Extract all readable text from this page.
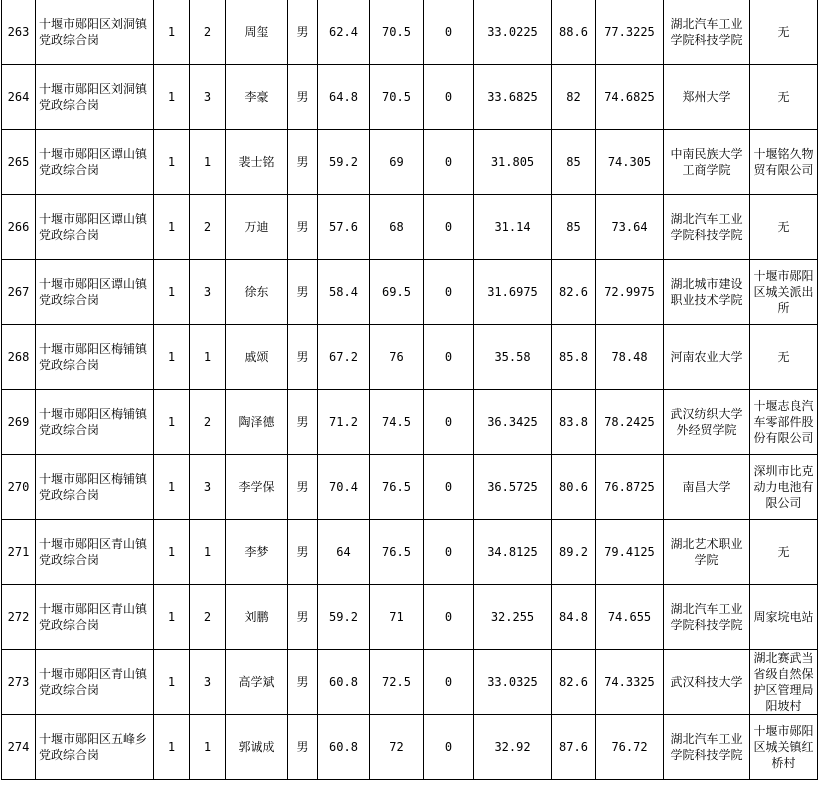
263	十堰市郧阳区刘洞镇党政综合岗	1	2	周玺	男	62.4	70.5	0	33.0225	88.6	77.3225	湖北汽车工业学院科技学院	无
264	十堰市郧阳区刘洞镇党政综合岗	1	3	李豪	男	64.8	70.5	0	33.6825	82	74.6825	郑州大学	无
265	十堰市郧阳区谭山镇党政综合岗	1	1	裴士铭	男	59.2	69	0	31.805	85	74.305	中南民族大学工商学院	十堰铭久物贸有限公司
266	十堰市郧阳区谭山镇党政综合岗	1	2	万迪	男	57.6	68	0	31.14	85	73.64	湖北汽车工业学院科技学院	无
267	十堰市郧阳区谭山镇党政综合岗	1	3	徐东	男	58.4	69.5	0	31.6975	82.6	72.9975	湖北城市建设职业技术学院	十堰市郧阳区城关派出所
268	十堰市郧阳区梅铺镇党政综合岗	1	1	戚颂	男	67.2	76	0	35.58	85.8	78.48	河南农业大学	无
269	十堰市郧阳区梅铺镇党政综合岗	1	2	陶泽德	男	71.2	74.5	0	36.3425	83.8	78.2425	武汉纺织大学外经贸学院	十堰志良汽车零部件股份有限公司
270	十堰市郧阳区梅铺镇党政综合岗	1	3	李学保	男	70.4	76.5	0	36.5725	80.6	76.8725	南昌大学	深圳市比克动力电池有限公司
271	十堰市郧阳区青山镇党政综合岗	1	1	李梦	男	64	76.5	0	34.8125	89.2	79.4125	湖北艺术职业学院	无
272	十堰市郧阳区青山镇党政综合岗	1	2	刘鹏	男	59.2	71	0	32.255	84.8	74.655	湖北汽车工业学院科技学院	周家垸电站
273	十堰市郧阳区青山镇党政综合岗	1	3	高学斌	男	60.8	72.5	0	33.0325	82.6	74.3325	武汉科技大学	湖北赛武当省级自然保护区管理局阳坡村
274	十堰市郧阳区五峰乡党政综合岗	1	1	郭诚成	男	60.8	72	0	32.92	87.6	76.72	湖北汽车工业学院科技学院	十堰市郧阳区城关镇红桥村
